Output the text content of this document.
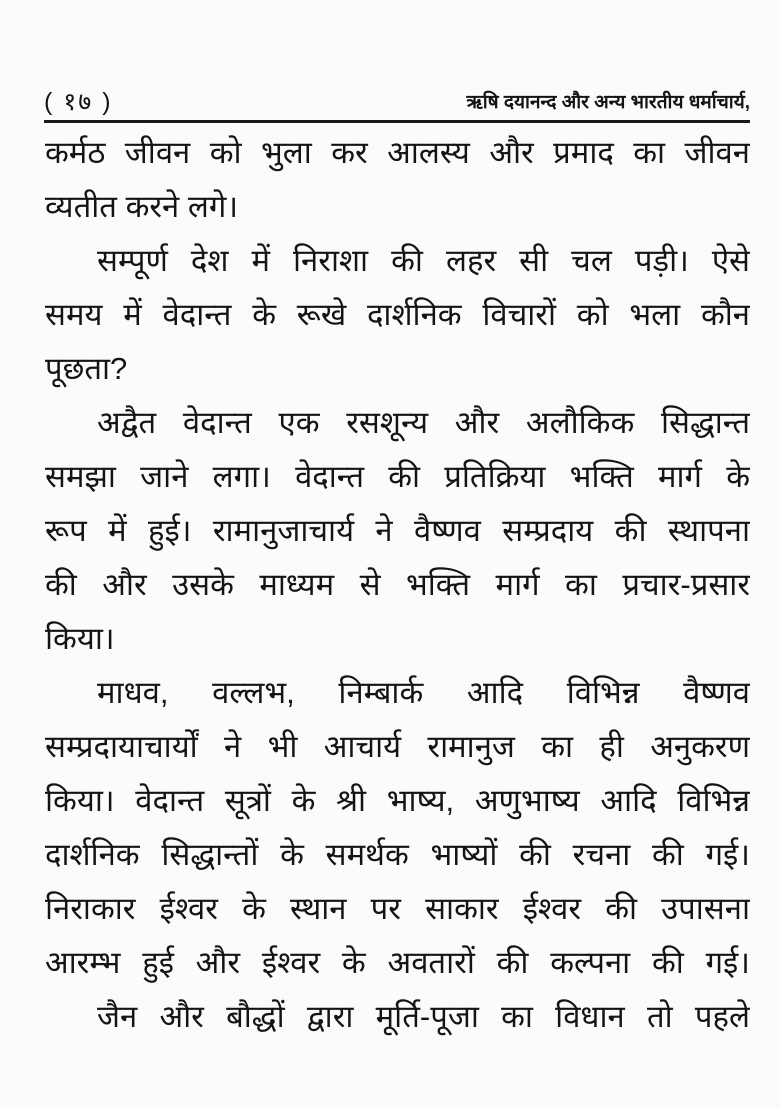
( १७ )	ऋषि दयानन्द और अन्य भारतीय धर्माचार्य,
कर्मठ जीवन को भुला कर आलस्य और प्रमाद का जीवन
व्यतीत करने लगे।
सम्पूर्ण देश में निराशा की लहर सी चल पड़ी। ऐसे
समय में वेदान्त के रूखे दार्शनिक विचारों को भला कौन
पूछता?
अद्वैत वेदान्त एक रसशून्य और अलौकिक सिद्धान्त
समझा जाने लगा। वेदान्त की प्रतिक्रिया भक्ति मार्ग के
रूप में हुई। रामानुजाचार्य ने वैष्णव सम्प्रदाय की स्थापना
की और उसके माध्यम से भक्ति मार्ग का प्रचार-प्रसार
किया।
माधव, वल्लभ, निम्बार्क आदि विभिन्न वैष्णव
सम्प्रदायाचार्यों ने भी आचार्य रामानुज का ही अनुकरण
किया। वेदान्त सूत्रों के श्री भाष्य, अणुभाष्य आदि विभिन्न
दार्शनिक सिद्धान्तों के समर्थक भाष्यों की रचना की गई।
निराकार ईश्वर के स्थान पर साकार ईश्वर की उपासना
आरम्भ हुई और ईश्वर के अवतारों की कल्पना की गई।
जैन और बौद्धों द्वारा मूर्ति-पूजा का विधान तो पहले
